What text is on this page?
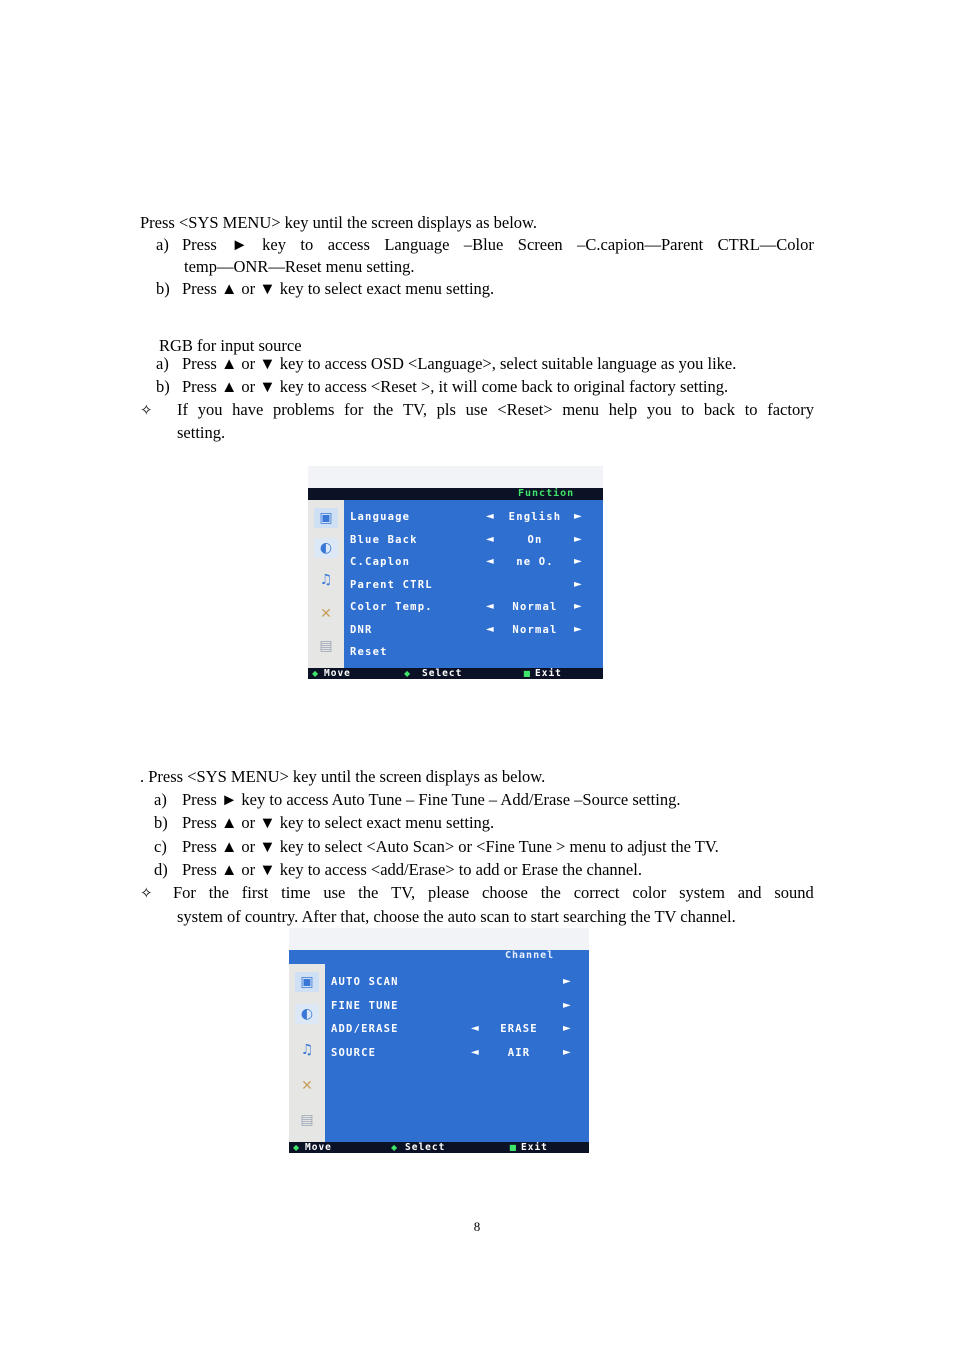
Press <SYS MENU> key until the screen displays as below.
a) Press ► key to access Language –Blue Screen –C.capion—Parent CTRL—Color
temp—ONR—Reset menu setting.
b) Press ▲ or ▼ key to select exact menu setting.
RGB for input source
a) Press ▲ or ▼ key to access OSD <Language>, select suitable language as you like.
b) Press ▲ or ▼ key to access <Reset >, it will come back to original factory setting.
✧ If you have problems for the TV, pls use <Reset> menu help you to back to factory
setting.
Function
▣
◐
♫
✕
▤
Language	◄	English	►
Blue Back	◄	On	►
C.Caplon	◄	ne O.	►
Parent CTRL	►
Color Temp.	◄	Normal	►
DNR	◄	Normal	►
Reset
◆ Move	◆ Select	■ Exit
. Press <SYS MENU> key until the screen displays as below.
a) Press ► key to access Auto Tune – Fine Tune – Add/Erase –Source setting.
b) Press ▲ or ▼ key to select exact menu setting.
c) Press ▲ or ▼ key to select <Auto Scan> or <Fine Tune > menu to adjust the TV.
d) Press ▲ or ▼ key to access <add/Erase> to add or Erase the channel.
✧ For the first time use the TV, please choose the correct color system and sound
system of country. After that, choose the auto scan to start searching the TV channel.
Channel
▣
◐
♫
✕
▤
AUTO SCAN	►
FINE TUNE	►
ADD/ERASE	◄	ERASE	►
SOURCE	◄	AIR	►
◆ Move	◆ Select	■ Exit
8
